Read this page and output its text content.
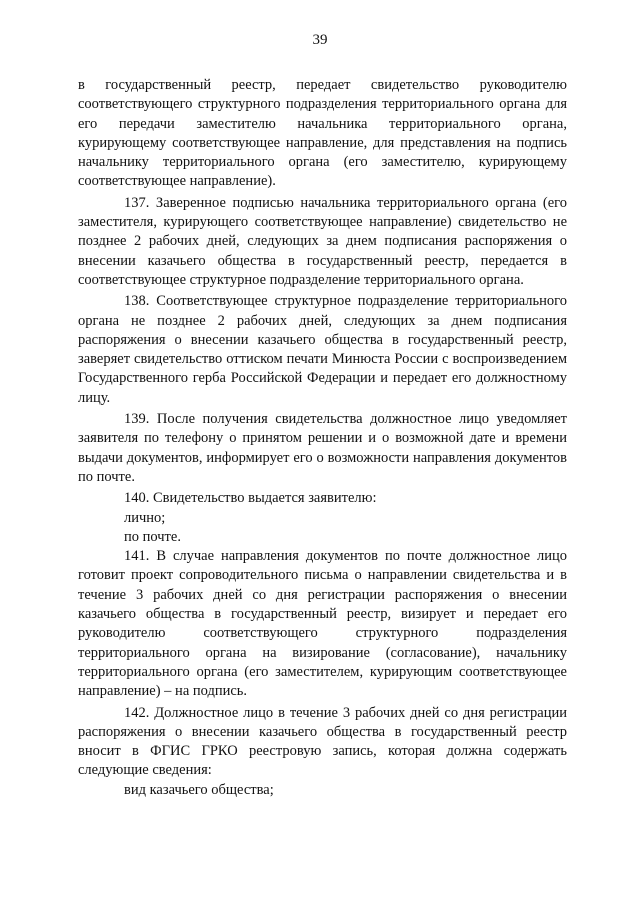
39

в государственный реестр, передает свидетельство руководителю соответствующего структурного подразделения территориального органа для его передачи заместителю начальника территориального органа, курирующему соответствующее направление, для представления на подпись начальнику территориального органа (его заместителю, курирующему соответствующее направление).

137. Заверенное подписью начальника территориального органа (его заместителя, курирующего соответствующее направление) свидетельство не позднее 2 рабочих дней, следующих за днем подписания распоряжения о внесении казачьего общества в государственный реестр, передается в соответствующее структурное подразделение территориального органа.

138. Соответствующее структурное подразделение территориального органа не позднее 2 рабочих дней, следующих за днем подписания распоряжения о внесении казачьего общества в государственный реестр, заверяет свидетельство оттиском печати Минюста России с воспроизведением Государственного герба Российской Федерации и передает его должностному лицу.

139. После получения свидетельства должностное лицо уведомляет заявителя по телефону о принятом решении и о возможной дате и времени выдачи документов, информирует его о возможности направления документов по почте.

140. Свидетельство выдается заявителю:

лично;

по почте.

141. В случае направления документов по почте должностное лицо готовит проект сопроводительного письма о направлении свидетельства и в течение 3 рабочих дней со дня регистрации распоряжения о внесении казачьего общества в государственный реестр, визирует и передает его руководителю соответствующего структурного подразделения территориального органа на визирование (согласование), начальнику территориального органа (его заместителем, курирующим соответствующее направление) – на подпись.

142. Должностное лицо в течение 3 рабочих дней со дня регистрации распоряжения о внесении казачьего общества в государственный реестр вносит в ФГИС ГРКО реестровую запись, которая должна содержать следующие сведения:

вид казачьего общества;
